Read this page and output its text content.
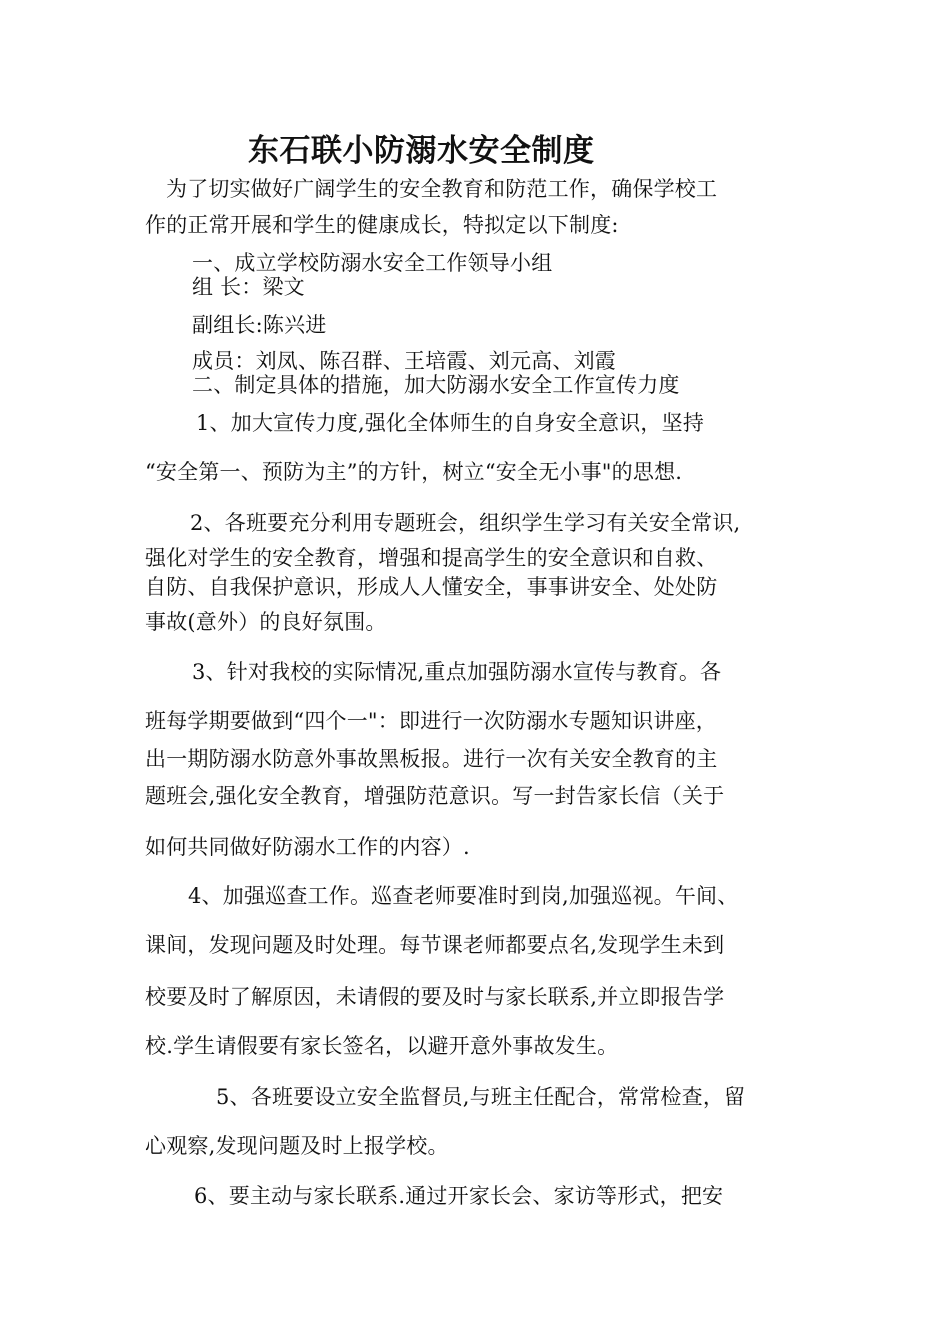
东石联小防溺水安全制度
为了切实做好广阔学生的安全教育和防范工作，确保学校工
作的正常开展和学生的健康成长，特拟定以下制度:
一、成立学校防溺水安全工作领导小组
组 长：梁文
副组长:陈兴进
成员：刘凤、陈召群、王培霞、刘元高、刘霞
二、制定具体的措施，加大防溺水安全工作宣传力度
1、加大宣传力度,强化全体师生的自身安全意识，坚持
“安全第一、预防为主”的方针，树立“安全无小事"的思想.
2、各班要充分利用专题班会，组织学生学习有关安全常识,
强化对学生的安全教育，增强和提高学生的安全意识和自救、
自防、自我保护意识，形成人人懂安全，事事讲安全、处处防
事故(意外）的良好氛围。
3、针对我校的实际情况,重点加强防溺水宣传与教育。各
班每学期要做到“四个一"：即进行一次防溺水专题知识讲座，
出一期防溺水防意外事故黑板报。进行一次有关安全教育的主
题班会,强化安全教育，增强防范意识。写一封告家长信（关于
如何共同做好防溺水工作的内容）.
4、加强巡查工作。巡查老师要准时到岗,加强巡视。午间、
课间，发现问题及时处理。每节课老师都要点名,发现学生未到
校要及时了解原因，未请假的要及时与家长联系,并立即报告学
校.学生请假要有家长签名，以避开意外事故发生。
5、各班要设立安全监督员,与班主任配合，常常检查，留
心观察,发现问题及时上报学校。
6、要主动与家长联系.通过开家长会、家访等形式，把安
